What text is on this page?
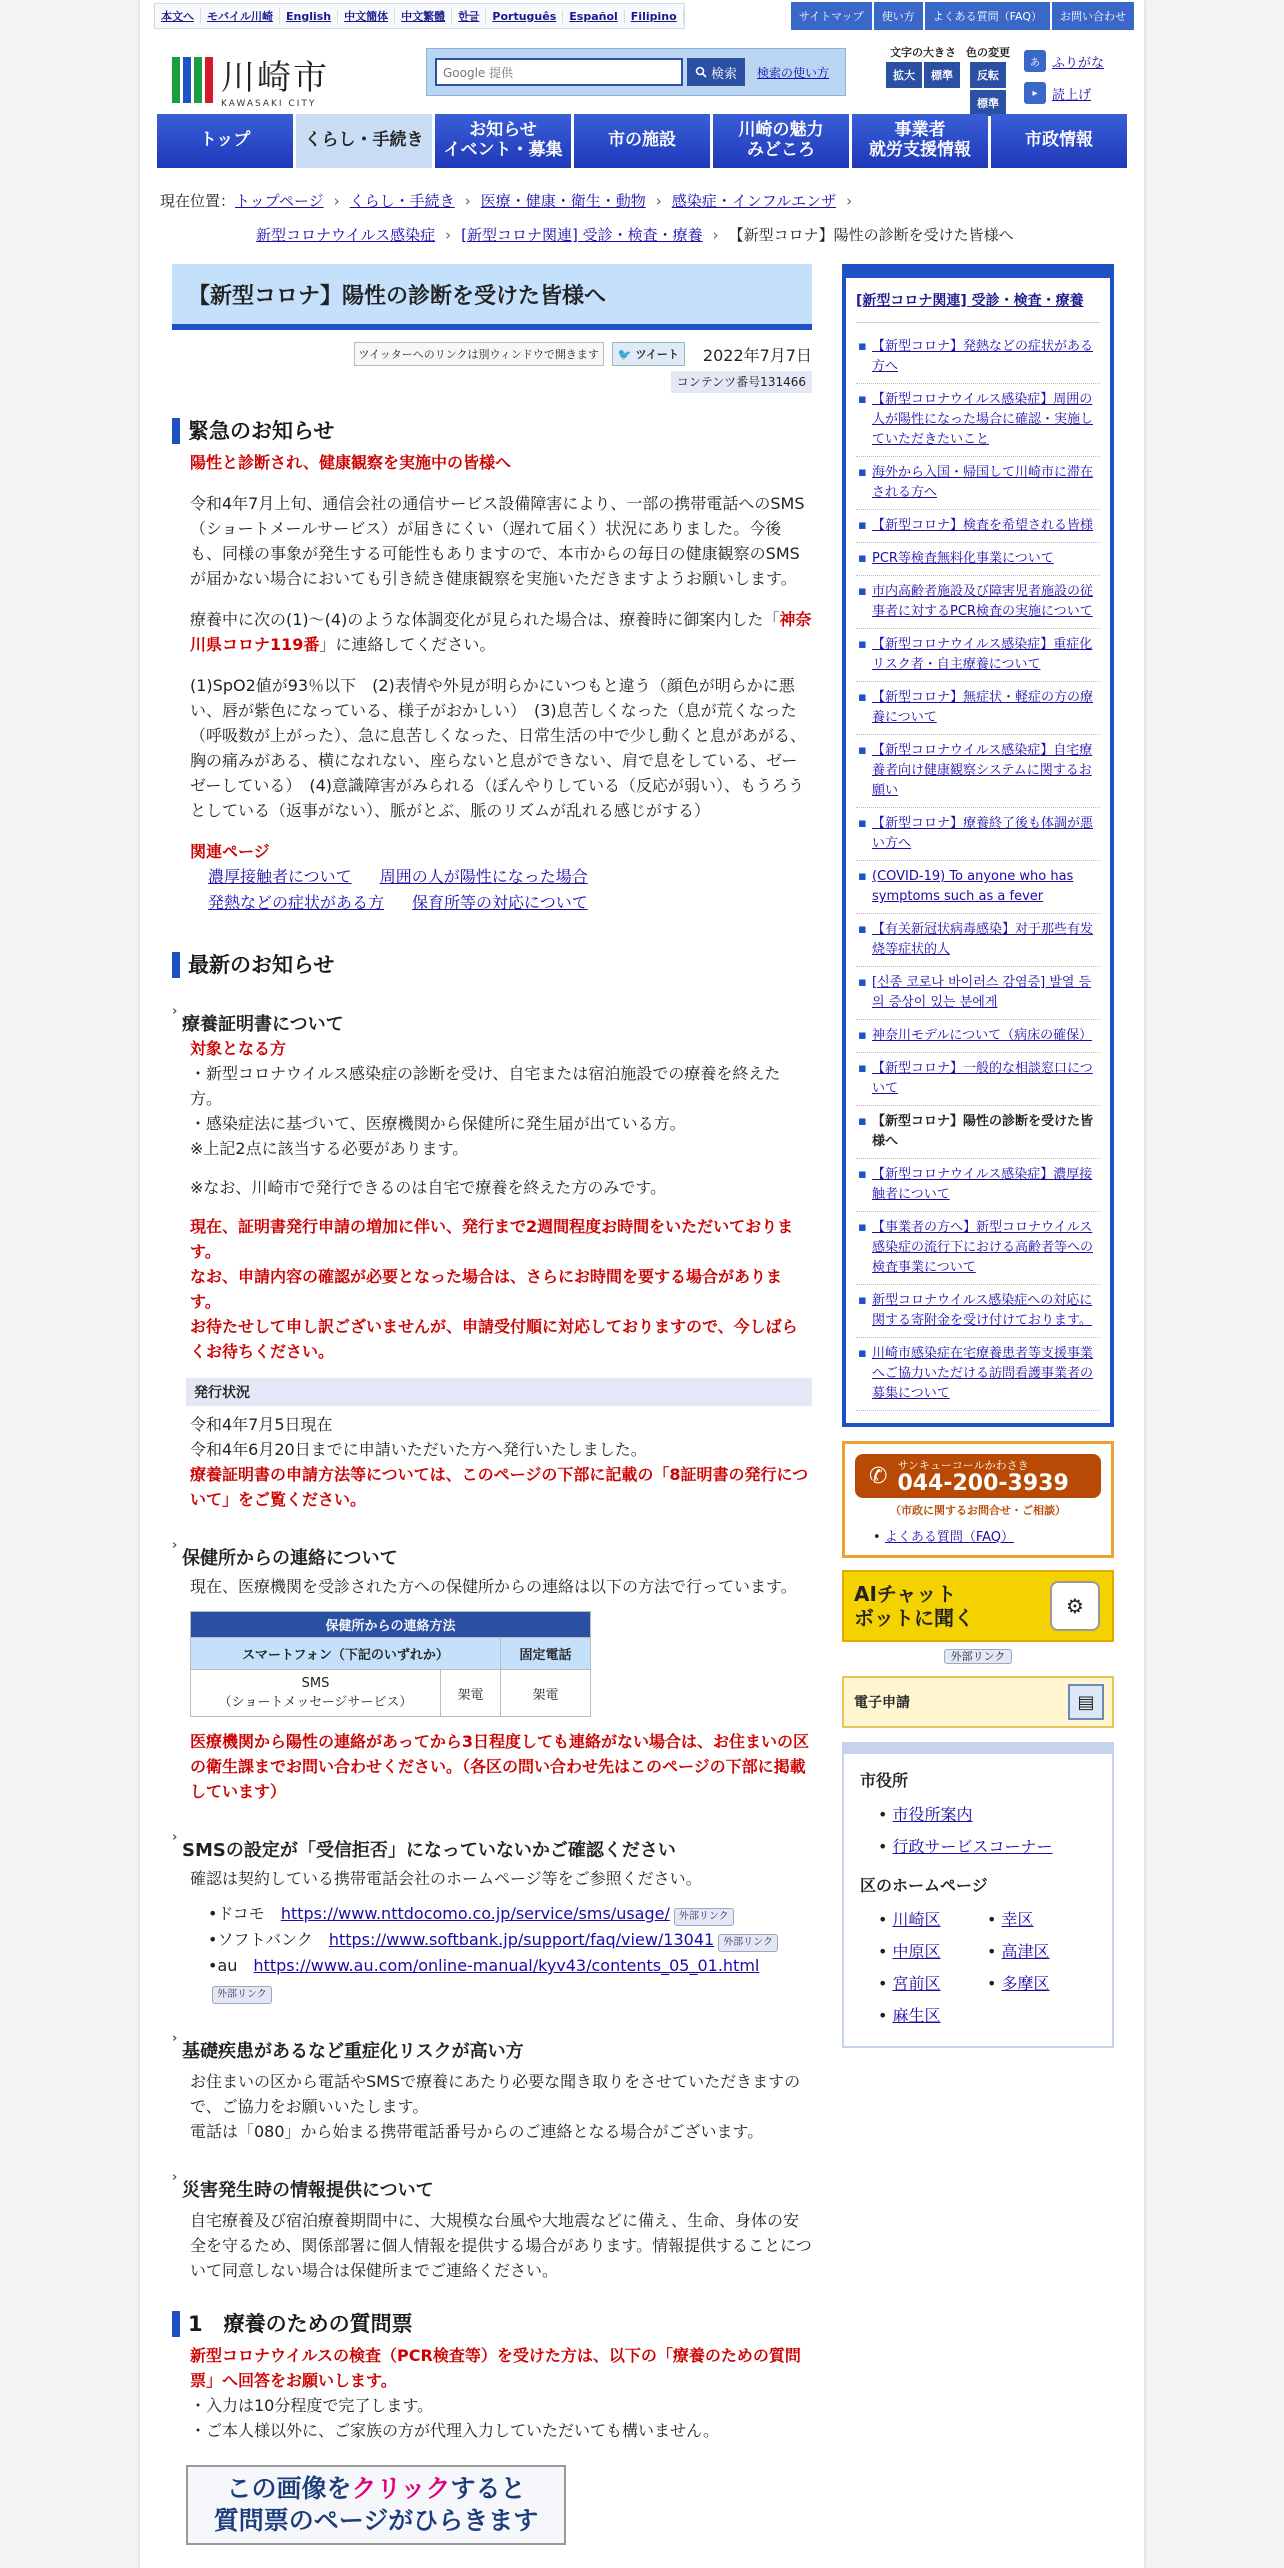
本文へ	モバイル川崎	English	中文簡体	中文繁體	한글	Português	Español	Filipino	サイトマップ	使い方	よくある質問（FAQ）	お問い合わせ
川崎市
KAWASAKI CITY
Google 提供	検索 検索の使い方
文字の大きさ
拡大	標準
色の変更
反転
標準
あ ふりがな
▸	読上げ
トップ	くらし・手続き	お知らせ
イベント・募集	市の施設	川崎の魅力
みどころ
事業者
就労支援情報	市政情報
現在位置：トップページ › くらし・手続き › 医療・健康・衛生・動物 › 感染症・インフルエンザ ›
新型コロナウイルス感染症 › [新型コロナ関連] 受診・検査・療養 › 【新型コロナ】陽性の診断を受けた皆様へ
【新型コロナ】陽性の診断を受けた皆様へ
ツイッターへのリンクは別ウィンドウで開きます	🐦 ツイート	2022年7月7日
コンテンツ番号131466
緊急のお知らせ

陽性と診断され、健康観察を実施中の皆様へ

令和4年7月上旬、通信会社の通信サービス設備障害により、一部の携帯電話へのSMS（ショートメールサービス）が届きにくい（遅れて届く）状況にありました。今後も、同様の事象が発生する可能性もありますので、本市からの毎日の健康観察のSMSが届かない場合においても引き続き健康観察を実施いただきますようお願いします。

療養中に次の(1)～(4)のような体調変化が見られた場合は、療養時に御案内した「神奈川県コロナ119番」に連絡してください。

(1)SpO2値が93％以下　(2)表情や外見が明らかにいつもと違う（顔色が明らかに悪い、唇が紫色になっている、様子がおかしい）　(3)息苦しくなった（息が荒くなった（呼吸数が上がった）、急に息苦しくなった、日常生活の中で少し動くと息があがる、胸の痛みがある、横になれない、座らないと息ができない、肩で息をしている、ゼーゼーしている）　(4)意識障害がみられる（ぼんやりしている（反応が弱い）、もうろうとしている（返事がない）、脈がとぶ、脈のリズムが乱れる感じがする）

関連ページ

濃厚接触者について 周囲の人が陽性になった場合
発熱などの症状がある方 保育所等の対応について
最新のお知らせ
› 療養証明書について
対象となる方
・新型コロナウイルス感染症の診断を受け、自宅または宿泊施設での療養を終えた方。
・感染症法に基づいて、医療機関から保健所に発生届が出ている方。
※上記2点に該当する必要があります。
※なお、川崎市で発行できるのは自宅で療養を終えた方のみです。
現在、証明書発行申請の増加に伴い、発行まで2週間程度お時間をいただいております。
なお、申請内容の確認が必要となった場合は、さらにお時間を要する場合があります。
お待たせして申し訳ございませんが、申請受付順に対応しておりますので、今しばらくお待ちください。
発行状況
令和4年7月5日現在
令和4年6月20日までに申請いただいた方へ発行いたしました。
療養証明書の申請方法等については、このページの下部に記載の「8証明書の発行について」をご覧ください。
› 保健所からの連絡について
現在、医療機関を受診された方への保健所からの連絡は以下の方法で行っています。
保健所からの連絡方法		
スマートフォン（下記のいずれか）		固定電話
SMS
（ショートメッセージサービス）	架電	架電
医療機関から陽性の連絡があってから3日程度しても連絡がない場合は、お住まいの区の衛生課までお問い合わせください。（各区の問い合わせ先はこのページの下部に掲載しています）
› SMSの設定が「受信拒否」になっていないかご確認ください
確認は契約している携帯電話会社のホームページ等をご参照ください。
• ドコモ　 https://www.nttdocomo.co.jp/service/sms/usage/ 外部リンク
• ソフトバンク　 https://www.softbank.jp/support/faq/view/13041 外部リンク
• au　 https://www.au.com/online-manual/kyv43/contents_05_01.html外部リンク
› 基礎疾患があるなど重症化リスクが高い方
お住まいの区から電話やSMSで療養にあたり必要な聞き取りをさせていただきますので、ご協力をお願いいたします。
電話は「080」から始まる携帯電話番号からのご連絡となる場合がございます。
› 災害発生時の情報提供について
自宅療養及び宿泊療養期間中に、大規模な台風や大地震などに備え、生命、身体の安全を守るため、関係部署に個人情報を提供する場合があります。情報提供することについて同意しない場合は保健所までご連絡ください。
1　療養のための質問票
新型コロナウイルスの検査（PCR検査等）を受けた方は、以下の「療養のための質問票」へ回答をお願いします。
・入力は10分程度で完了します。
・ご本人様以外に、ご家族の方が代理入力していただいても構いません。
この画像をクリックすると
質問票のページがひらきます
[新型コロナ関連] 受診・検査・療養
▪ 【新型コロナ】発熱などの症状がある方へ
▪ 【新型コロナウイルス感染症】周囲の人が陽性になった場合に確認・実施していただきたいこと
▪ 海外から入国・帰国して川崎市に滞在される方へ
▪ 【新型コロナ】検査を希望される皆様
▪ PCR等検査無料化事業について
▪ 市内高齢者施設及び障害児者施設の従事者に対するPCR検査の実施について
▪ 【新型コロナウイルス感染症】重症化リスク者・自主療養について
▪ 【新型コロナ】無症状・軽症の方の療養について
▪ 【新型コロナウイルス感染症】自宅療養者向け健康観察システムに関するお願い
▪ 【新型コロナ】療養終了後も体調が悪い方へ
▪ (COVID-19) To anyone who has symptoms such as a fever
▪ 【有关新冠状病毒感染】对于那些有发烧等症状的人
▪ [신종 코로나 바이러스 감염증] 발열 등의 증상이 있는 분에게
▪ 神奈川モデルについて（病床の確保）
▪ 【新型コロナ】一般的な相談窓口について
▪ 【新型コロナ】陽性の診断を受けた皆様へ
▪ 【新型コロナウイルス感染症】濃厚接触者について
▪ 【事業者の方へ】新型コロナウイルス感染症の流行下における高齢者等への検査事業について
▪ 新型コロナウイルス感染症への対応に関する寄附金を受け付けております。
▪ 川崎市感染症在宅療養患者等支援事業へご協力いただける訪問看護事業者の募集について
✆ サンキューコールかわさき
044-200-3939
（市政に関するお問合せ・ご相談）
• よくある質問（FAQ）
AIチャット
ボットに聞く	⚙
外部リンク
電子申請	▤
市役所
• 市役所案内
• 行政サービスコーナー
区のホームページ
• 川崎区	• 幸区
• 中原区	• 高津区
• 宮前区	• 多摩区
• 麻生区
